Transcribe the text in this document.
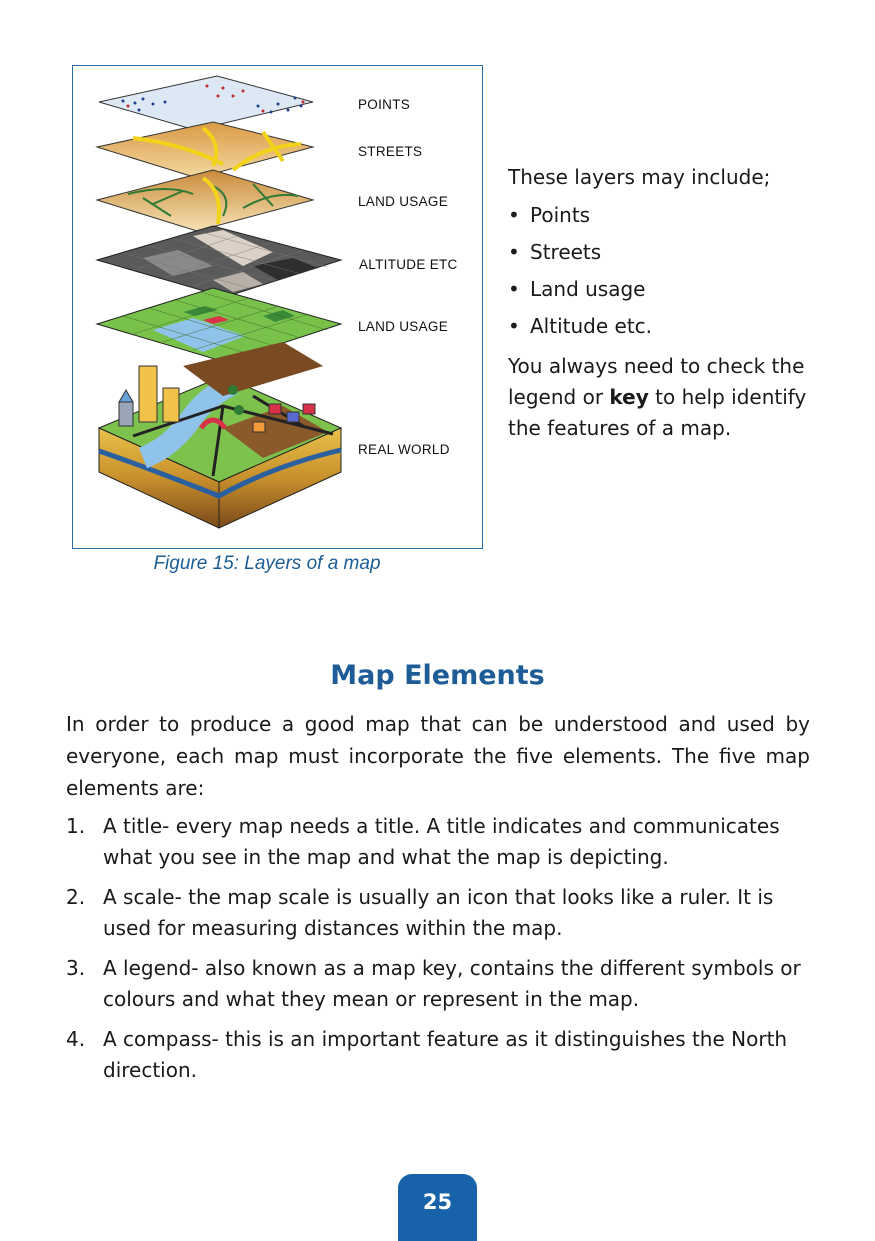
POINTS
STREETS
LAND USAGE
ALTITUDE ETC
LAND USAGE
REAL WORLD
Figure 15: Layers of a map

These layers may include;

• Points
• Streets
• Land usage
• Altitude etc.

You always need to check the legend or key to help identify the features of a map.

Map Elements

In order to produce a good map that can be understood and used by everyone, each map must incorporate the five elements. The five map elements are:

1. A title- every map needs a title. A title indicates and communicates what you see in the map and what the map is depicting.
2. A scale- the map scale is usually an icon that looks like a ruler. It is used for measuring distances within the map.
3. A legend- also known as a map key, contains the different symbols or colours and what they mean or represent in the map.
4. A compass- this is an important feature as it distinguishes the North direction.
25
